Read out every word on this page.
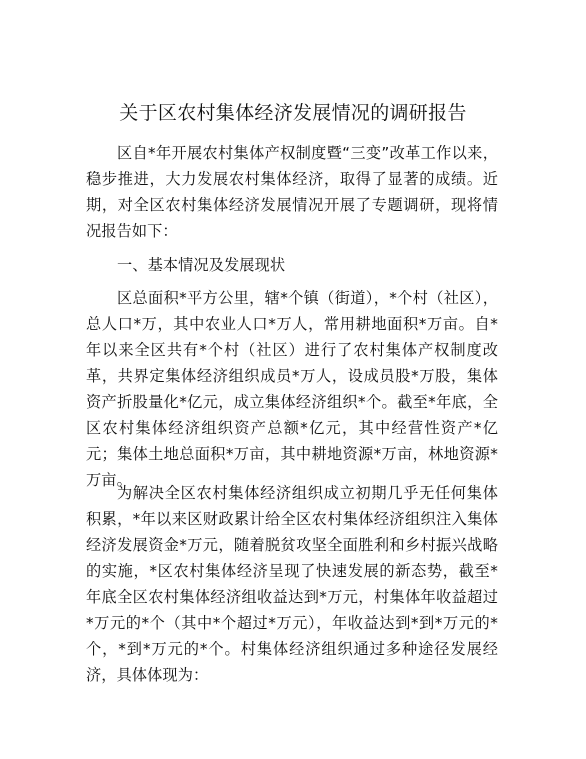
关于区农村集体经济发展情况的调研报告

区自*年开展农村集体产权制度暨“三变”改革工作以来，稳步推进，大力发展农村集体经济，取得了显著的成绩。近期，对全区农村集体经济发展情况开展了专题调研，现将情况报告如下：

一、基本情况及发展现状

区总面积*平方公里，辖*个镇（街道），*个村（社区），总人口*万，其中农业人口*万人，常用耕地面积*万亩。自*年以来全区共有*个村（社区）进行了农村集体产权制度改革，共界定集体经济组织成员*万人，设成员股*万股，集体资产折股量化*亿元，成立集体经济组织*个。截至*年底，全区农村集体经济组织资产总额*亿元，其中经营性资产*亿元；集体土地总面积*万亩，其中耕地资源*万亩，林地资源*万亩。

为解决全区农村集体经济组织成立初期几乎无任何集体积累，*年以来区财政累计给全区农村集体经济组织注入集体经济发展资金*万元，随着脱贫攻坚全面胜利和乡村振兴战略的实施，*区农村集体经济呈现了快速发展的新态势，截至*年底全区农村集体经济组收益达到*万元，村集体年收益超过*万元的*个（其中*个超过*万元），年收益达到*到*万元的*个，*到*万元的*个。村集体经济组织通过多种途径发展经济，具体体现为：
